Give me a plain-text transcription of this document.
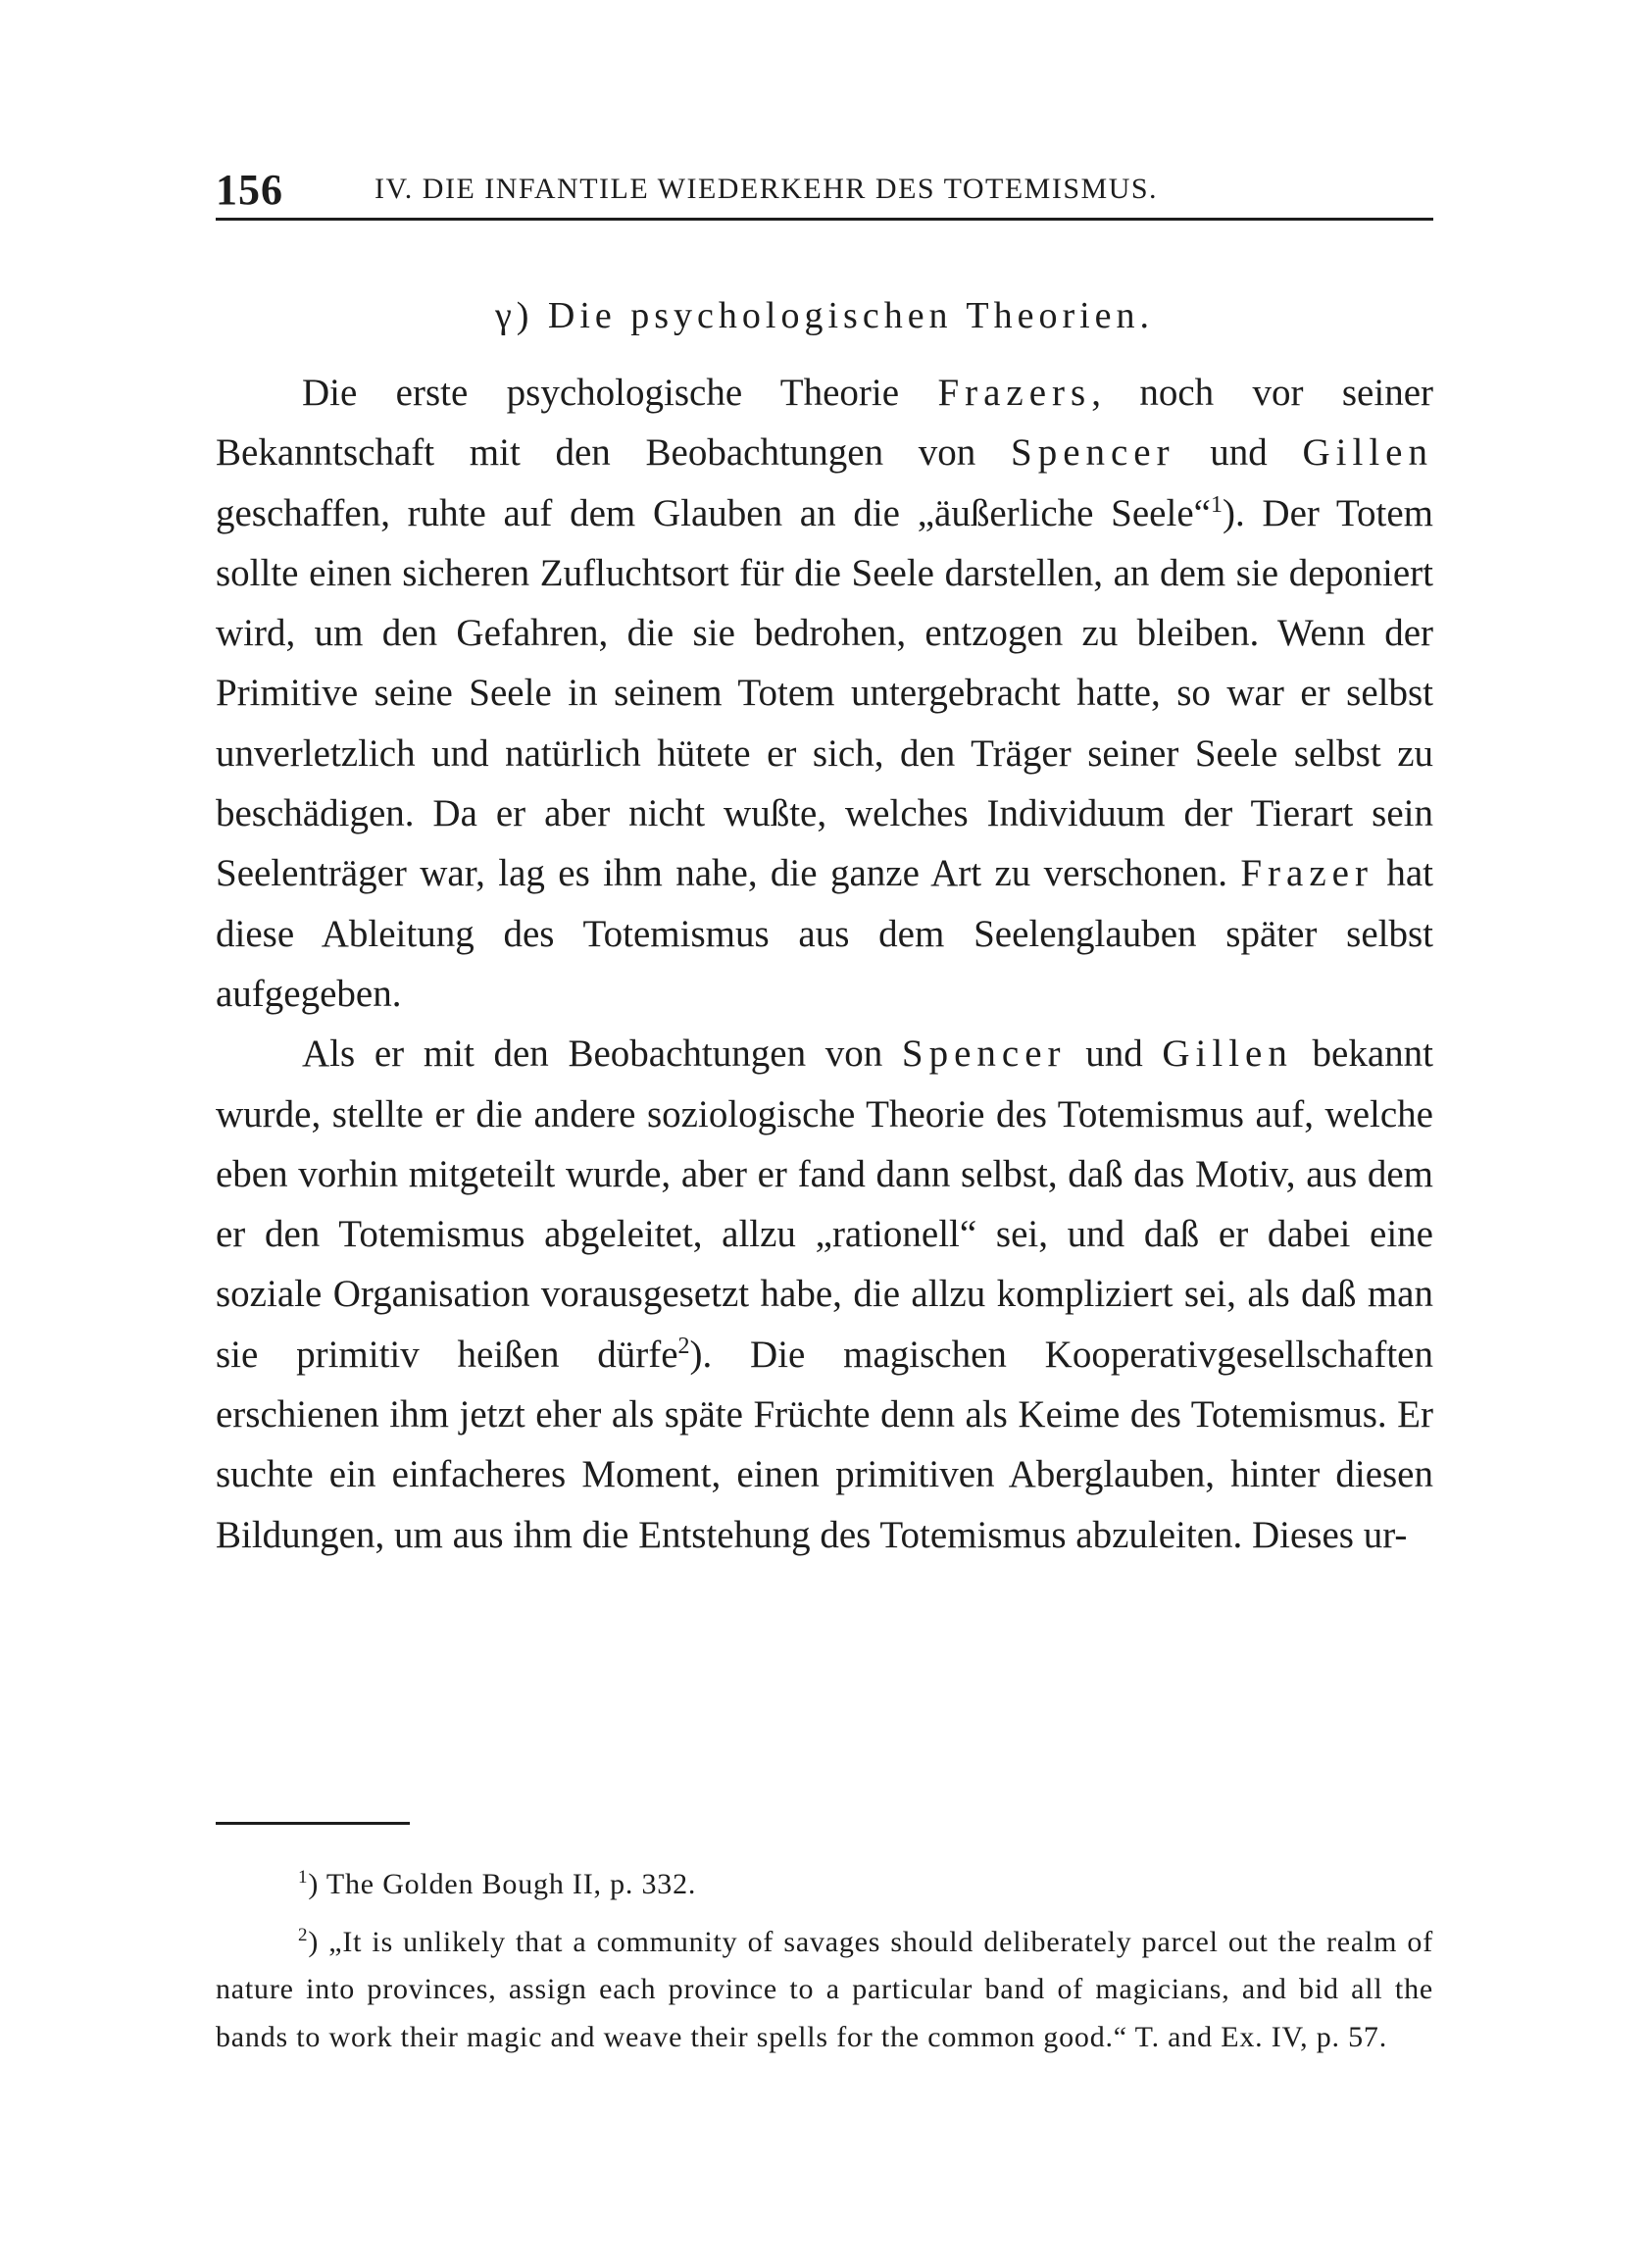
156	IV. DIE INFANTILE WIEDERKEHR DES TOTEMISMUS.
γ) Die psychologischen Theorien.

Die erste psychologische Theorie Frazers, noch vor seiner Bekanntschaft mit den Beobachtungen von Spencer und Gillen geschaffen, ruhte auf dem Glauben an die „äußerliche Seele“$^1$). Der Totem sollte einen sicheren Zufluchtsort für die Seele darstellen, an dem sie deponiert wird, um den Gefahren, die sie bedrohen, entzogen zu bleiben. Wenn der Primitive seine Seele in seinem Totem untergebracht hatte, so war er selbst unverletzlich und natürlich hütete er sich, den Träger seiner Seele selbst zu beschädigen. Da er aber nicht wußte, welches Individuum der Tierart sein Seelenträger war, lag es ihm nahe, die ganze Art zu verschonen. Frazer hat diese Ableitung des Totemismus aus dem Seelenglauben später selbst aufgegeben.

Als er mit den Beobachtungen von Spencer und Gillen bekannt wurde, stellte er die andere soziologische Theorie des Totemismus auf, welche eben vorhin mitgeteilt wurde, aber er fand dann selbst, daß das Motiv, aus dem er den Totemismus abgeleitet, allzu „rationell“ sei, und daß er dabei eine soziale Organisation vorausgesetzt habe, die allzu kompliziert sei, als daß man sie primitiv heißen dürfe$^2$). Die magischen Kooperativgesellschaften erschienen ihm jetzt eher als späte Früchte denn als Keime des Totemismus. Er suchte ein einfacheres Moment, einen primitiven Aberglauben, hinter diesen Bildungen, um aus ihm die Entstehung des Totemismus abzuleiten. Dieses ur-

$^1$) The Golden Bough II, p. 332.

$^2$) „It is unlikely that a community of savages should deliberately parcel out the realm of nature into provinces, assign each province to a particular band of magicians, and bid all the bands to work their magic and weave their spells for the common good.“ T. and Ex. IV, p. 57.
